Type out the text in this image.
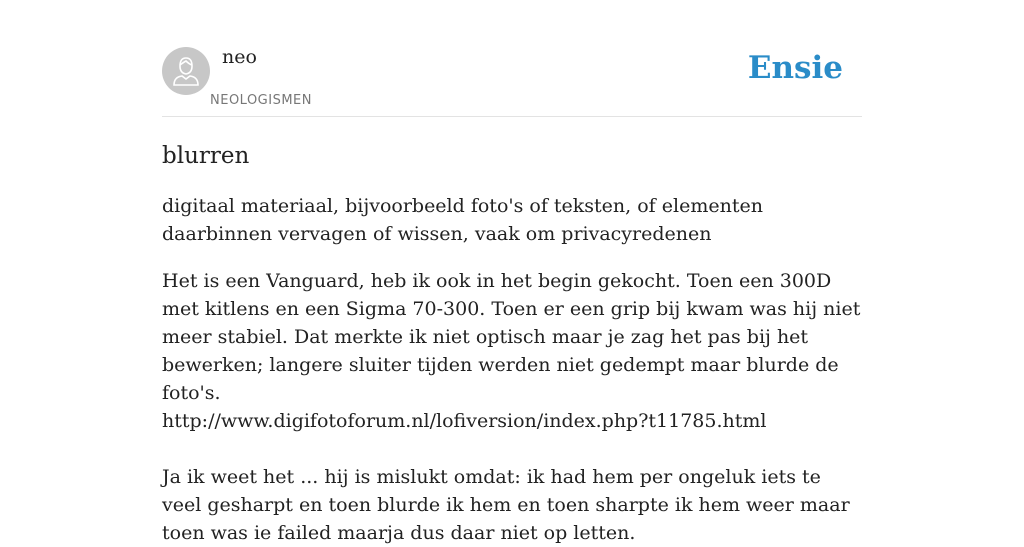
neo
NEOLOGISMEN
Ensie
blurren
digitaal materiaal, bijvoorbeeld foto's of teksten, of elementen daarbinnen vervagen of wissen, vaak om privacyredenen

Het is een Vanguard, heb ik ook in het begin gekocht. Toen een 300D met kitlens en een Sigma 70-300. Toen er een grip bij kwam was hij niet meer stabiel. Dat merkte ik niet optisch maar je zag het pas bij het bewerken; langere sluiter tijden werden niet gedempt maar blurde de foto's.

http://www.digifotoforum.nl/lofiversion/index.php?t11785.html

Ja ik weet het ... hij is mislukt omdat: ik had hem per ongeluk iets te veel gesharpt en toen blurde ik hem en toen sharpte ik hem weer maar toen was ie failed maarja dus daar niet op letten.
